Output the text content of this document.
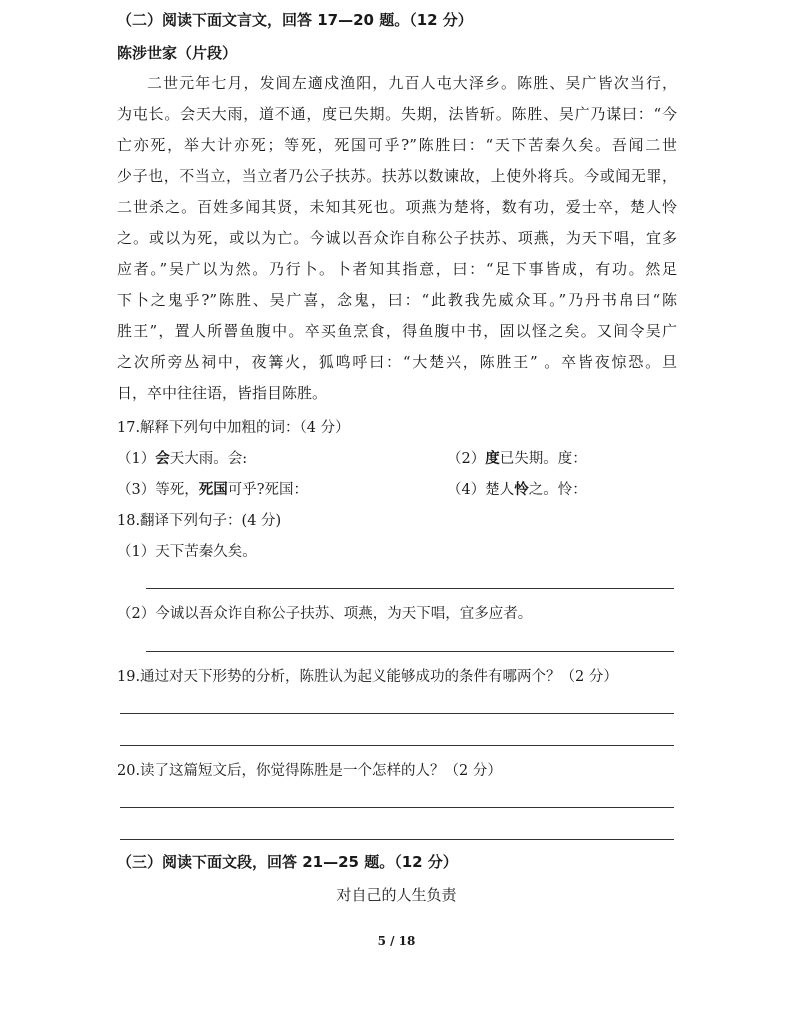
（二）阅读下面文言文，回答 17—20 题。（12 分）
陈涉世家（片段）
二世元年七月，发闾左適戍渔阳，九百人屯大泽乡。陈胜、吴广皆次当行，
为屯长。会天大雨，道不通，度已失期。失期，法皆斩。陈胜、吴广乃谋曰：“今
亡亦死，举大计亦死；等死，死国可乎?”陈胜曰：“天下苦秦久矣。吾闻二世
少子也，不当立，当立者乃公子扶苏。扶苏以数谏故，上使外将兵。今或闻无罪，
二世杀之。百姓多闻其贤，未知其死也。项燕为楚将，数有功，爱士卒，楚人怜
之。或以为死，或以为亡。今诚以吾众诈自称公子扶苏、项燕，为天下唱，宜多
应者。”吴广以为然。乃行卜。卜者知其指意，曰：“足下事皆成，有功。然足
下卜之鬼乎?”陈胜、吴广喜，念鬼，曰：“此教我先威众耳。”乃丹书帛曰“陈
胜王”，置人所罾鱼腹中。卒买鱼烹食，得鱼腹中书，固以怪之矣。又间令吴广
之次所旁丛祠中，夜篝火，狐鸣呼曰：“大楚兴，陈胜王” 。卒皆夜惊恐。旦
日，卒中往往语，皆指目陈胜。
17.解释下列句中加粗的词：（4 分）
（1）会天大雨。会:	（2）度已失期。度：
（3）等死，死国可乎?死国：	（4）楚人怜之。怜：
18.翻译下列句子：(4 分)
（1）天下苦秦久矣。
（2）今诚以吾众诈自称公子扶苏、项燕，为天下唱，宜多应者。
19.通过对天下形势的分析，陈胜认为起义能够成功的条件有哪两个？（2 分）
20.读了这篇短文后，你觉得陈胜是一个怎样的人？（2 分）
（三）阅读下面文段，回答 21—25 题。（12 分）
对自己的人生负责
5 / 18
